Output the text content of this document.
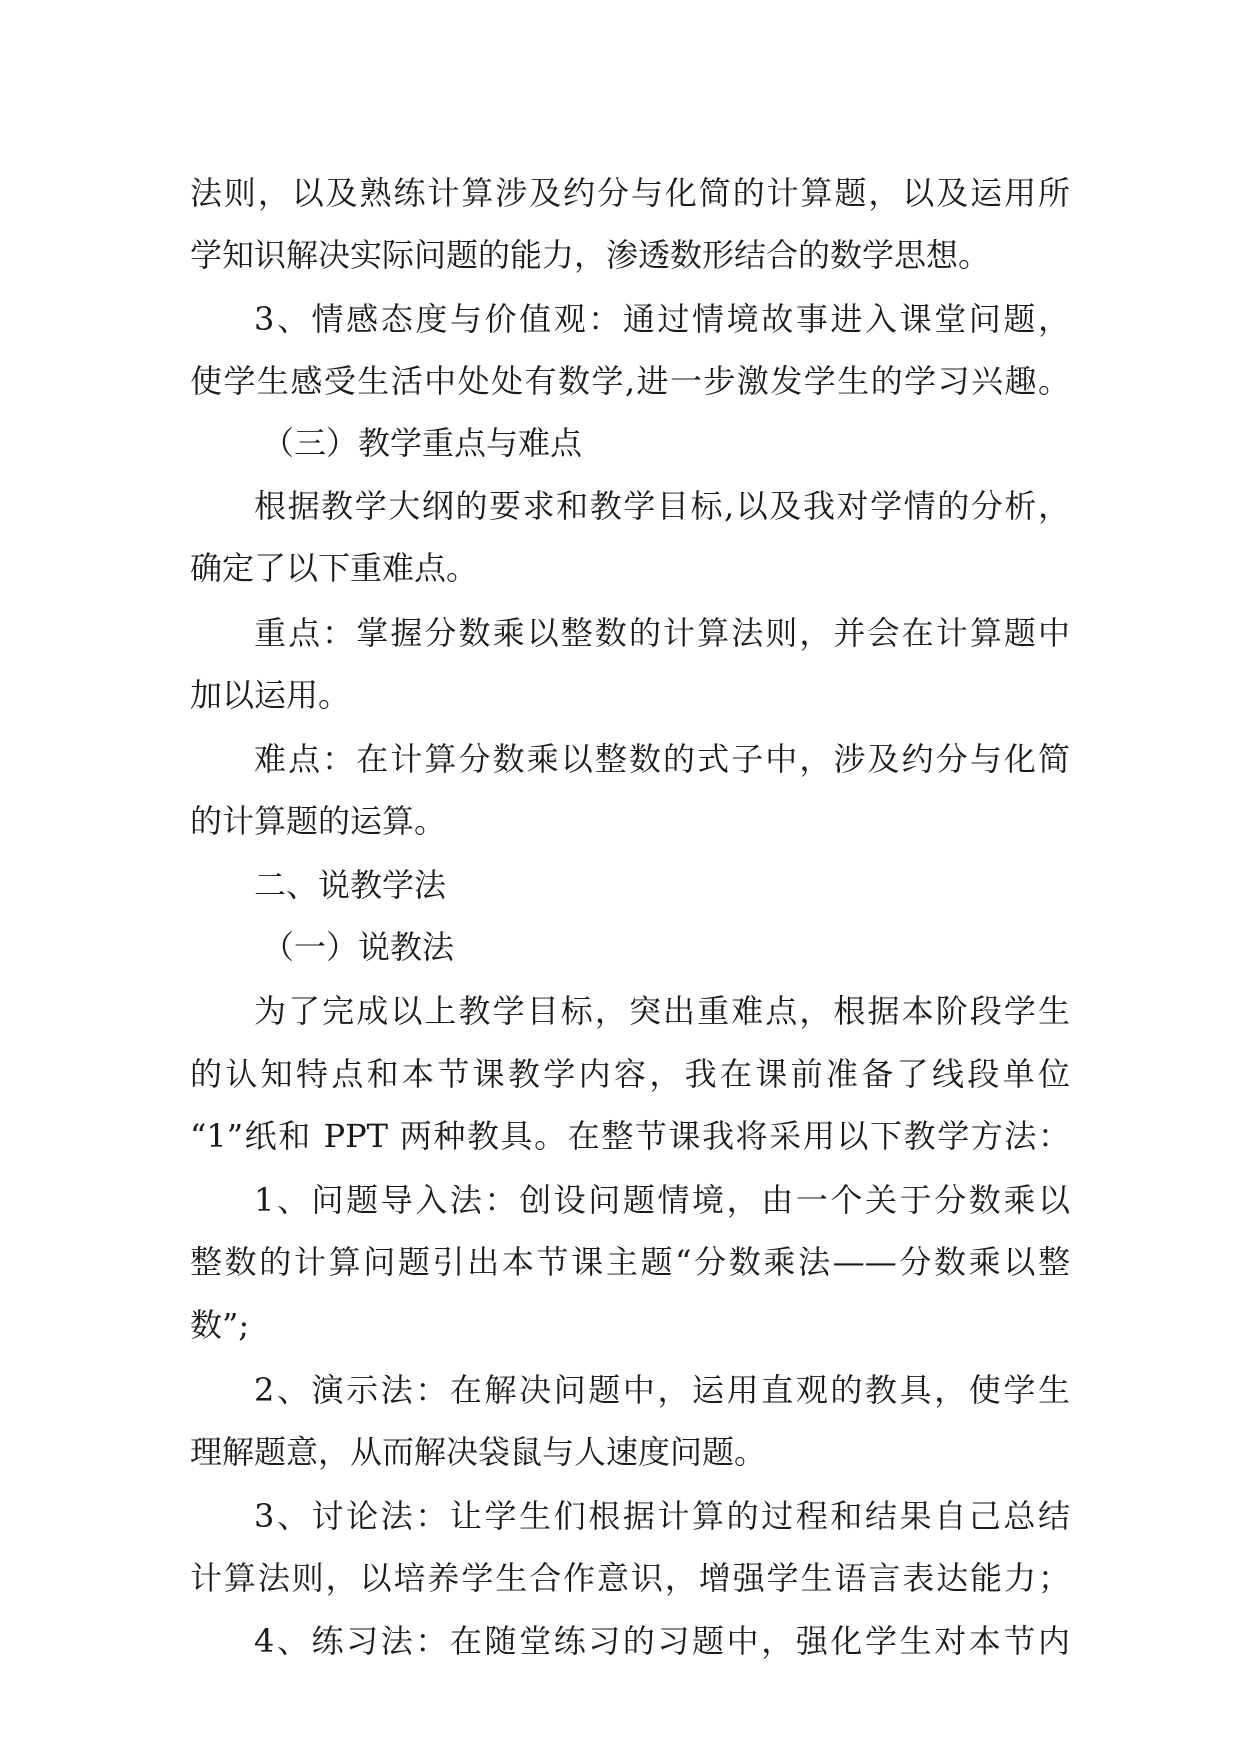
法则，以及熟练计算涉及约分与化简的计算题，以及运用所
学知识解决实际问题的能力，渗透数形结合的数学思想。
3、情感态度与价值观：通过情境故事进入课堂问题，
使学生感受生活中处处有数学,进一步激发学生的学习兴趣。
（三）教学重点与难点
根据教学大纲的要求和教学目标,以及我对学情的分析，
确定了以下重难点。
重点：掌握分数乘以整数的计算法则，并会在计算题中
加以运用。
难点：在计算分数乘以整数的式子中，涉及约分与化简
的计算题的运算。
二、说教学法
（一）说教法
为了完成以上教学目标，突出重难点，根据本阶段学生
的认知特点和本节课教学内容，我在课前准备了线段单位
“1”纸和 PPT 两种教具。在整节课我将采用以下教学方法：
1、问题导入法：创设问题情境，由一个关于分数乘以
整数的计算问题引出本节课主题“分数乘法——分数乘以整
数”;
2、演示法：在解决问题中，运用直观的教具，使学生
理解题意，从而解决袋鼠与人速度问题。
3、讨论法：让学生们根据计算的过程和结果自己总结
计算法则，以培养学生合作意识，增强学生语言表达能力；
4、练习法：在随堂练习的习题中，强化学生对本节内
